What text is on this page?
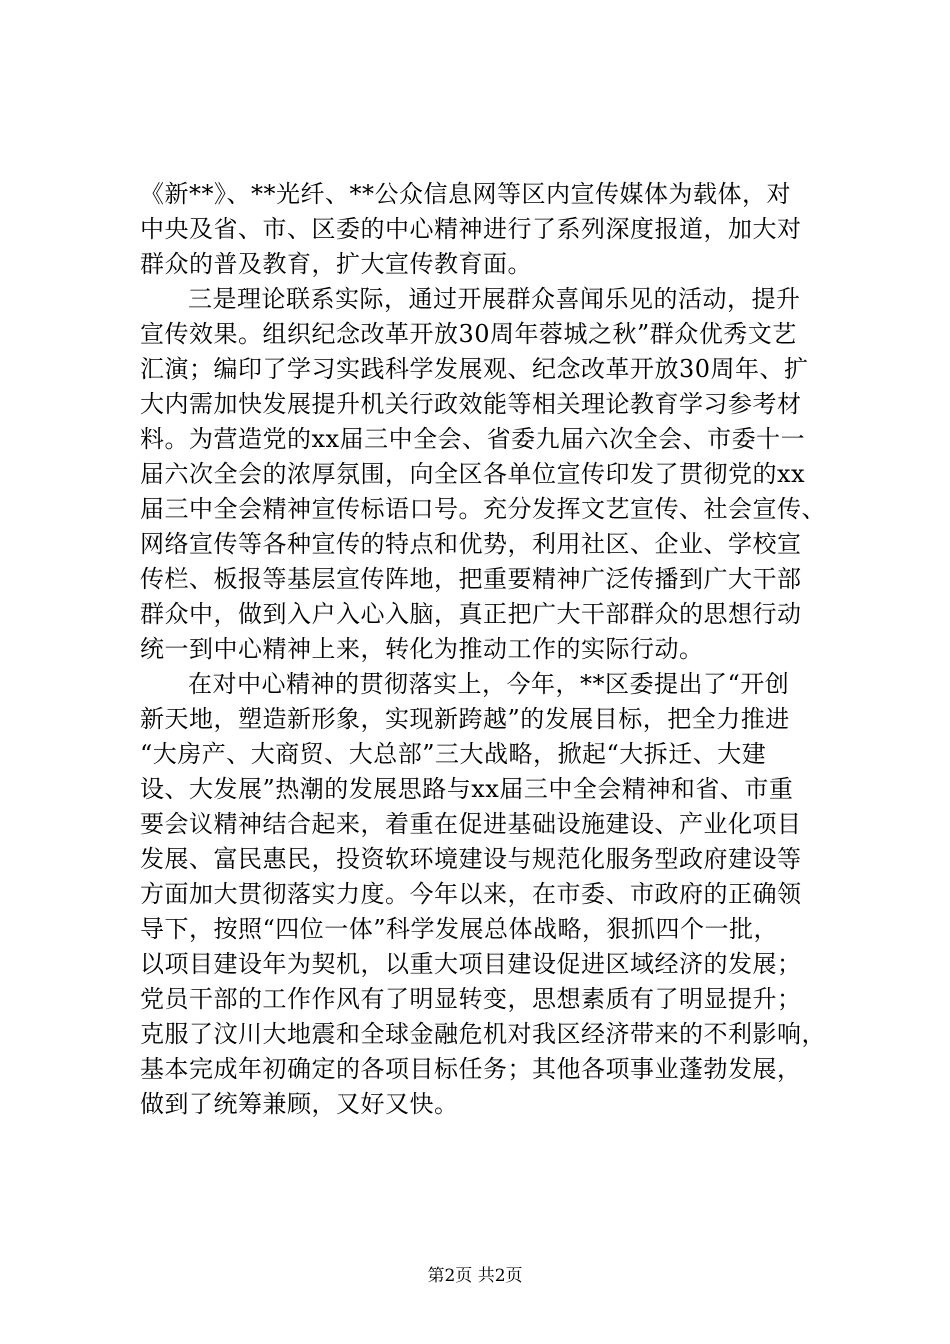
《新**》、**光纤、**公众信息网等区内宣传媒体为载体，对
中央及省、市、区委的中心精神进行了系列深度报道，加大对
群众的普及教育，扩大宣传教育面。
三是理论联系实际，通过开展群众喜闻乐见的活动，提升
宣传效果。组织纪念改革开放30周年蓉城之秋”群众优秀文艺
汇演；编印了学习实践科学发展观、纪念改革开放30周年、扩
大内需加快发展提升机关行政效能等相关理论教育学习参考材
料。为营造党的xx届三中全会、省委九届六次全会、市委十一
届六次全会的浓厚氛围，向全区各单位宣传印发了贯彻党的xx
届三中全会精神宣传标语口号。充分发挥文艺宣传、社会宣传、
网络宣传等各种宣传的特点和优势，利用社区、企业、学校宣
传栏、板报等基层宣传阵地，把重要精神广泛传播到广大干部
群众中，做到入户入心入脑，真正把广大干部群众的思想行动
统一到中心精神上来，转化为推动工作的实际行动。
在对中心精神的贯彻落实上，今年，**区委提出了“开创
新天地，塑造新形象，实现新跨越”的发展目标，把全力推进
“大房产、大商贸、大总部”三大战略，掀起“大拆迁、大建
设、大发展”热潮的发展思路与xx届三中全会精神和省、市重
要会议精神结合起来，着重在促进基础设施建设、产业化项目
发展、富民惠民，投资软环境建设与规范化服务型政府建设等
方面加大贯彻落实力度。今年以来，在市委、市政府的正确领
导下，按照“四位一体”科学发展总体战略，狠抓四个一批，
以项目建设年为契机，以重大项目建设促进区域经济的发展；
党员干部的工作作风有了明显转变，思想素质有了明显提升；
克服了汶川大地震和全球金融危机对我区经济带来的不利影响，
基本完成年初确定的各项目标任务；其他各项事业蓬勃发展，
做到了统筹兼顾，又好又快。
第2页 共2页
